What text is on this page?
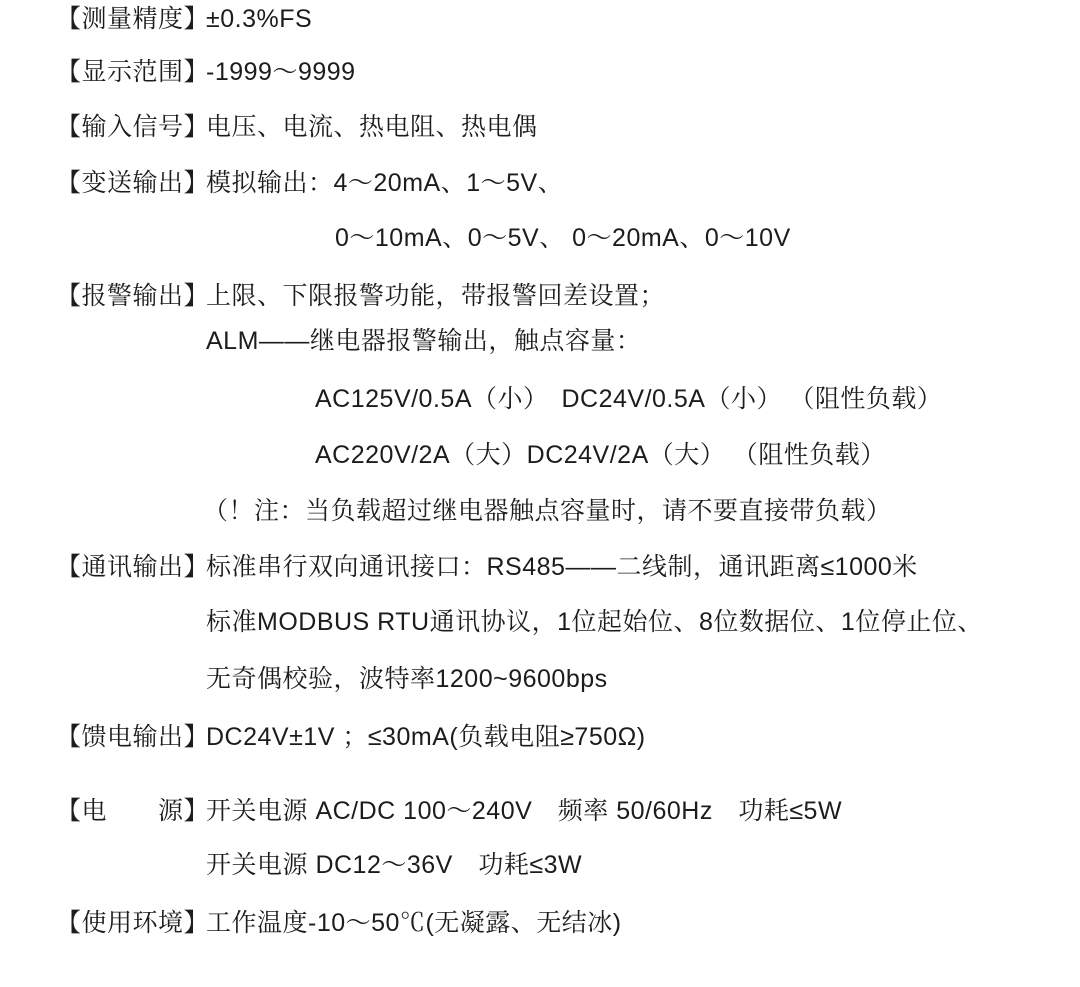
【测量精度】
±0.3%FS
【显示范围】
-1999～9999
【输入信号】
电压、电流、热电阻、热电偶
【变送输出】
模拟输出：4～20mA、1～5V、
0～10mA、0～5V、 0～20mA、0～10V
【报警输出】
上限、下限报警功能，带报警回差设置；
ALM——继电器报警输出，触点容量：
AC125V/0.5A（小）　DC24V/0.5A（小） （阻性负载）
AC220V/2A（大）DC24V/2A（大） （阻性负载）
（！注：当负载超过继电器触点容量时，请不要直接带负载）
【通讯输出】
标准串行双向通讯接口：RS485——二线制，通讯距离≤1000米
标准MODBUS RTU通讯协议，1位起始位、8位数据位、1位停止位、
无奇偶校验，波特率1200~9600bps
【馈电输出】
DC24V±1V ；≤30mA(负载电阻≥750Ω)
【电　　源】
开关电源 AC/DC 100～240V　频率 50/60Hz　功耗≤5W
开关电源 DC12～36V　功耗≤3W
【使用环境】
工作温度-10～50℃(无凝露、无结冰)
